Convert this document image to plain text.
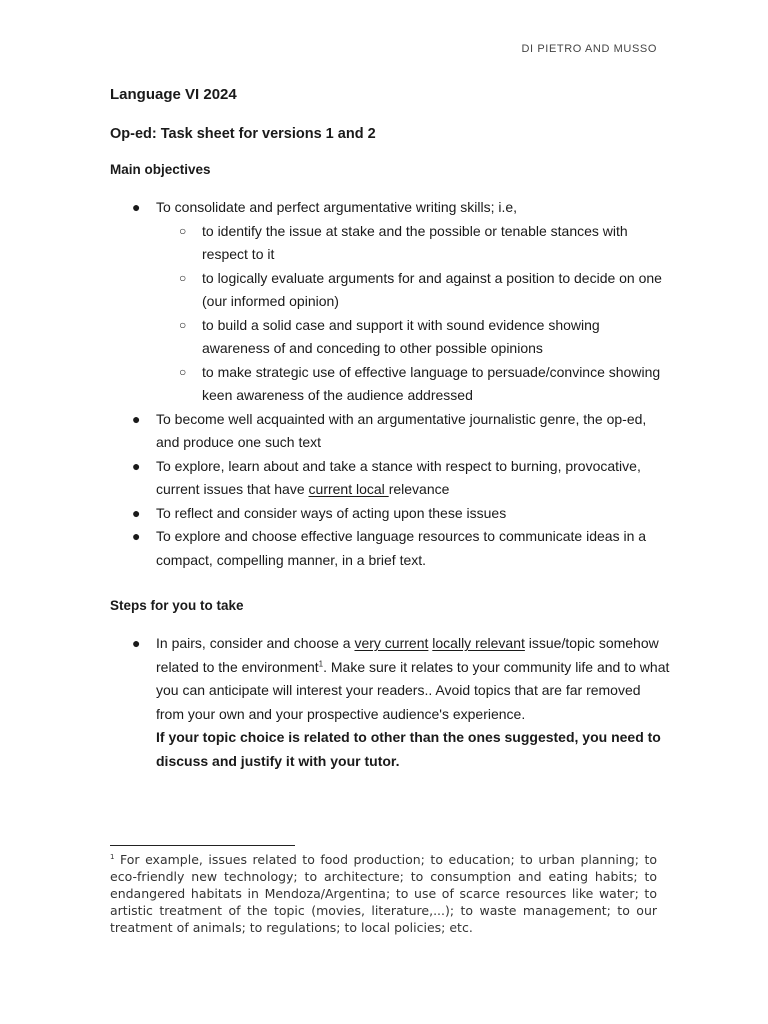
DI PIETRO AND MUSSO
Language VI 2024
Op-ed: Task sheet for versions 1 and 2
Main objectives
● To consolidate and perfect argumentative writing skills; i.e,
○ to identify the issue at stake and the possible or tenable stances with respect to it
○ to logically evaluate arguments for and against a position to decide on one (our informed opinion)
○ to build a solid case and support it with sound evidence showing awareness of and conceding to other possible opinions
○ to make strategic use of effective language to persuade/convince showing keen awareness of the audience addressed
● To become well acquainted with an argumentative journalistic genre, the op-ed, and produce one such text
● To explore, learn about and take a stance with respect to burning, provocative, current issues that have current local relevance
● To reflect and consider ways of acting upon these issues
● To explore and choose effective language resources to communicate ideas in a compact, compelling manner, in a brief text.
Steps for you to take
● In pairs, consider and choose a very current locally relevant issue/topic somehow related to the environment$^1$. Make sure it relates to your community life and to what you can anticipate will interest your readers.. Avoid topics that are far removed from your own and your prospective audience's experience.
If your topic choice is related to other than the ones suggested, you need to discuss and justify it with your tutor.

$^1$ For example, issues related to food production; to education; to urban planning; to eco-friendly new technology; to architecture; to consumption and eating habits; to endangered habitats in Mendoza/Argentina; to use of scarce resources like water; to artistic treatment of the topic (movies, literature,...); to waste management; to our treatment of animals; to regulations; to local policies; etc.
